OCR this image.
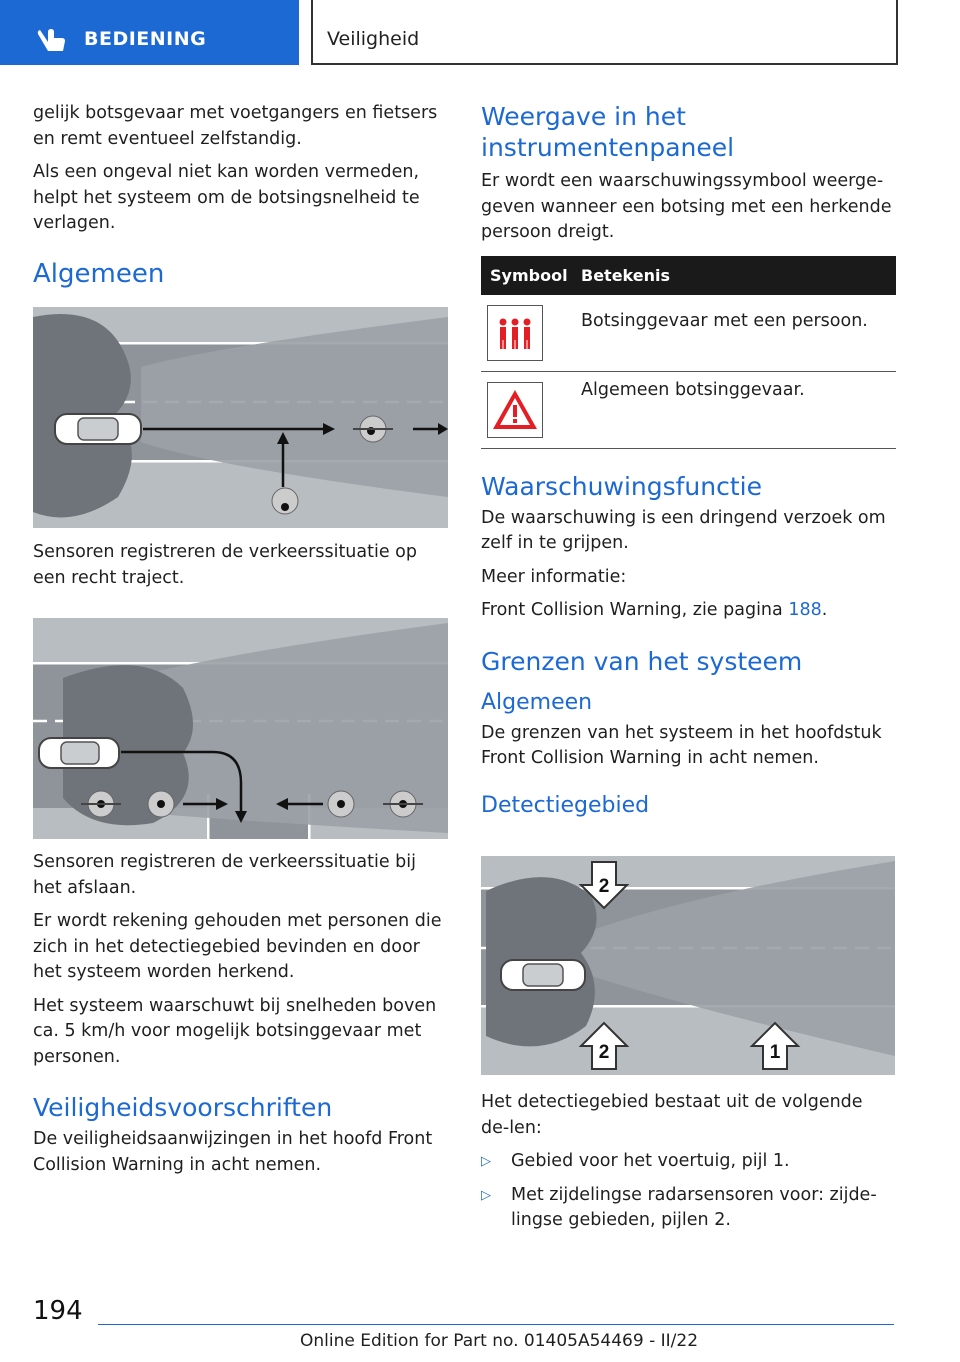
BEDIENING	Veiligheid

gelijk botsgevaar met voetgangers en fietsers en remt eventueel zelfstandig.

Als een ongeval niet kan worden vermeden, helpt het systeem om de botsingsnelheid te verlagen.

Algemeen

Sensoren registreren de verkeerssituatie op een recht traject.

Sensoren registreren de verkeerssituatie bij het afslaan.

Er wordt rekening gehouden met personen die zich in het detectiegebied bevinden en door het systeem worden herkend.

Het systeem waarschuwt bij snelheden boven ca. 5 km/h voor mogelijk botsinggevaar met personen.

Veiligheidsvoorschriften

De veiligheidsaanwijzingen in het hoofd Front Collision Warning in acht nemen.

Weergave in het instrumentenpaneel

Er wordt een waarschuwingssymbool weerge-geven wanneer een botsing met een herkende persoon dreigt.

Symbool	Betekenis

Botsinggevaar met een persoon.

Algemeen botsinggevaar.

Waarschuwingsfunctie

De waarschuwing is een dringend verzoek om zelf in te grijpen.

Meer informatie:

Front Collision Warning, zie pagina 188.

Grenzen van het systeem
Algemeen

De grenzen van het systeem in het hoofdstuk Front Collision Warning in acht nemen.

Detectiegebied
2
2	1

Het detectiegebied bestaat uit de volgende de-len:

▷ Gebied voor het voertuig, pijl 1.

▷ Met zijdelingse radarsensoren voor: zijde-lingse gebieden, pijlen 2.

194
Online Edition for Part no. 01405A54469 - II/22
